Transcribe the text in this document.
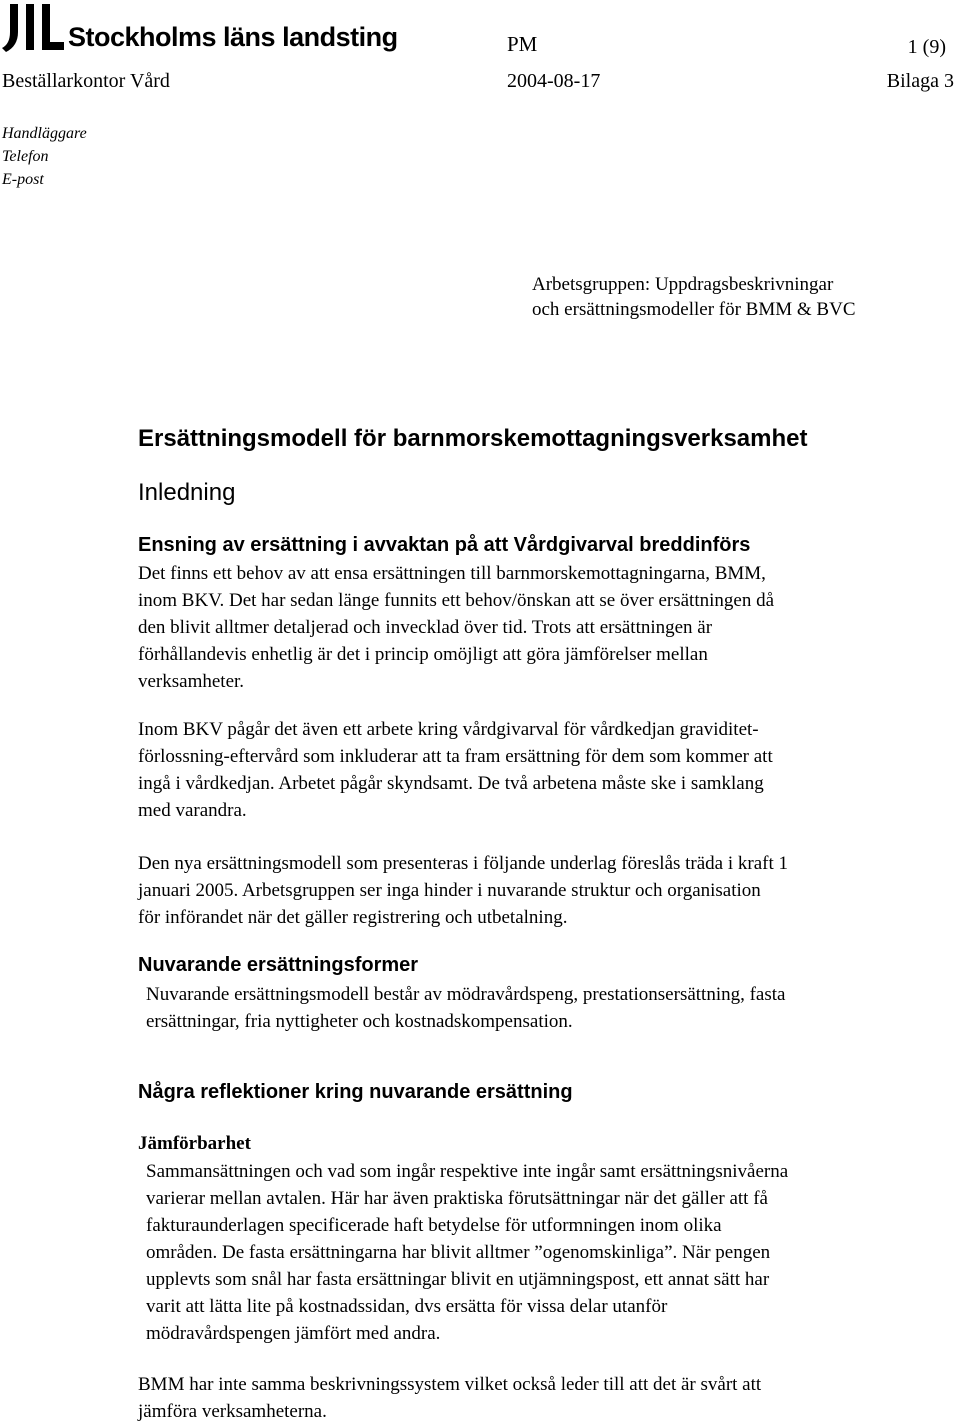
Stockholms läns landsting	PM	1 (9)
Beställarkontor Vård	2004-08-17	Bilaga 3
Handläggare
Telefon
E-post
Arbetsgruppen: Uppdragsbeskrivningar
och ersättningsmodeller för BMM & BVC
Ersättningsmodell för barnmorskemottagningsverksamhet
Inledning
Ensning av ersättning i avvaktan på att Vårdgivarval breddinförs
Det finns ett behov av att ensa ersättningen till barnmorskemottagningarna, BMM,
inom BKV. Det har sedan länge funnits ett behov/önskan att se över ersättningen då
den blivit alltmer detaljerad och invecklad över tid. Trots att ersättningen är
förhållandevis enhetlig är det i princip omöjligt att göra jämförelser mellan
verksamheter.
Inom BKV pågår det även ett arbete kring vårdgivarval för vårdkedjan graviditet-
förlossning-eftervård som inkluderar att ta fram ersättning för dem som kommer att
ingå i vårdkedjan. Arbetet pågår skyndsamt. De två arbetena måste ske i samklang
med varandra.
Den nya ersättningsmodell som presenteras i följande underlag föreslås träda i kraft 1
januari 2005. Arbetsgruppen ser inga hinder i nuvarande struktur och organisation
för införandet när det gäller registrering och utbetalning.
Nuvarande ersättningsformer
Nuvarande ersättningsmodell består av mödravårdspeng, prestationsersättning, fasta
ersättningar, fria nyttigheter och kostnadskompensation.
Några reflektioner kring nuvarande ersättning
Jämförbarhet
Sammansättningen och vad som ingår respektive inte ingår samt ersättningsnivåerna
varierar mellan avtalen. Här har även praktiska förutsättningar när det gäller att få
fakturaunderlagen specificerade haft betydelse för utformningen inom olika
områden. De fasta ersättningarna har blivit alltmer ”ogenomskinliga”. När pengen
upplevts som snål har fasta ersättningar blivit en utjämningspost, ett annat sätt har
varit att lätta lite på kostnadssidan, dvs ersätta för vissa delar utanför
mödravårdspengen jämfört med andra.
BMM har inte samma beskrivningssystem vilket också leder till att det är svårt att
jämföra verksamheterna.
